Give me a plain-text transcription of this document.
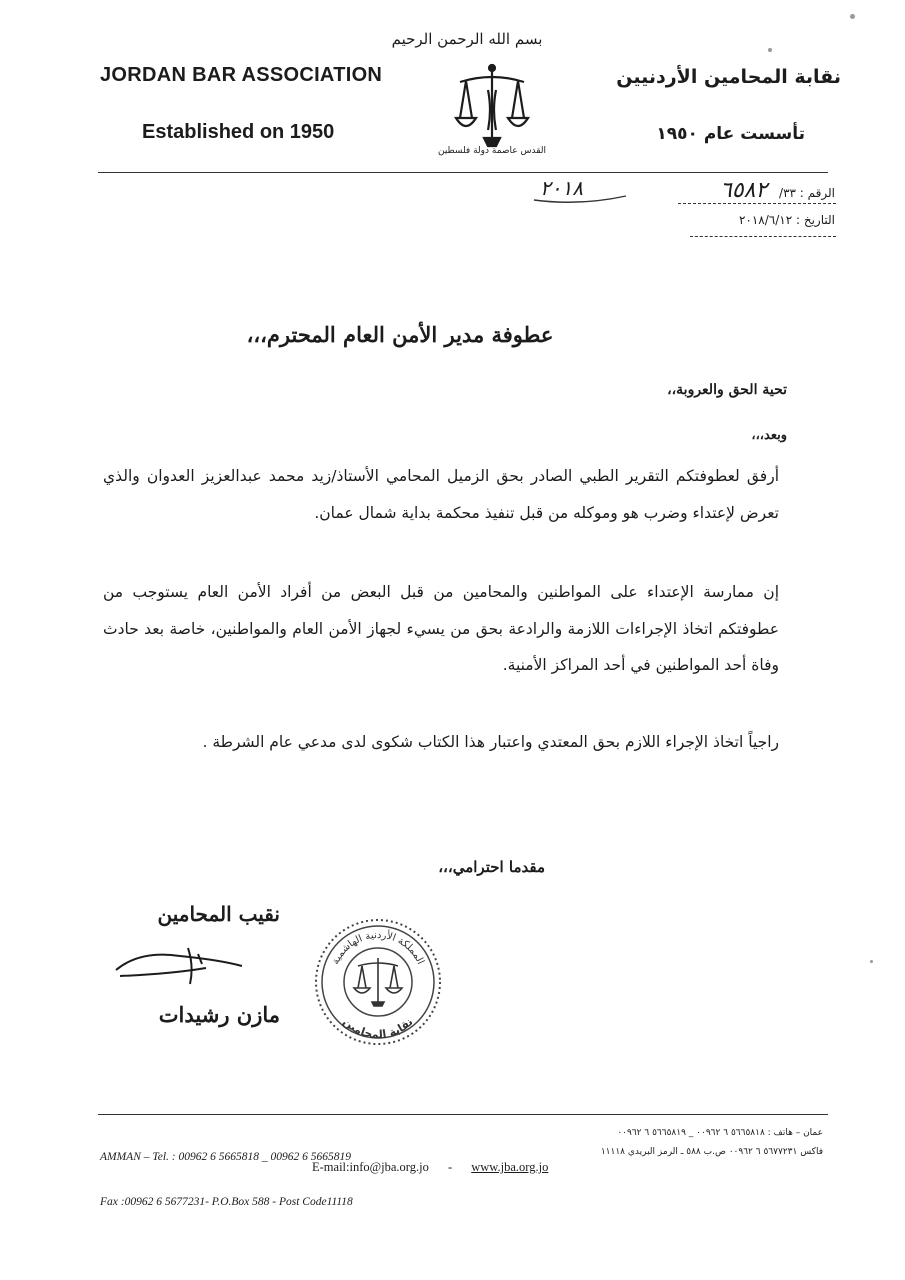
JORDAN BAR ASSOCIATION
Established on 1950
نقابة المحامين الأردنيين
تأسست عام ١٩٥٠
بسم الله الرحمن الرحيم
القدس عاصمة دولة فلسطين
الرقم : ٣٣/ ٦٥٨٢
التاريخ : ٢٠١٨/٦/١٢
٢٠١٨
عطوفة مدير الأمن العام المحترم،،،
تحية الحق والعروبة،،
وبعد،،،
أرفق لعطوفتكم التقرير الطبي الصادر بحق الزميل المحامي الأستاذ/زيد محمد عبدالعزيز العدوان والذي تعرض لإعتداء وضرب هو وموكله من قبل تنفيذ محكمة بداية شمال عمان.
إن ممارسة الإعتداء على المواطنين والمحامين من قبل البعض من أفراد الأمن العام يستوجب من عطوفتكم اتخاذ الإجراءات اللازمة والرادعة بحق من يسيء لجهاز الأمن العام والمواطنين، خاصة بعد حادث وفاة أحد المواطنين في أحد المراكز الأمنية.
راجياً اتخاذ الإجراء اللازم بحق المعتدي واعتبار هذا الكتاب شكوى لدى مدعي عام الشرطة .
مقدما احترامي،،،
نقيب المحامين
مازن رشيدات
المملكة الأردنية الهاشمية
نقابة المحامين

AMMAN – Tel. : 00962 6 5665818 _ 00962 6 5665819

Fax :00962 6 5677231- P.O.Box 588 - Post Code11118

عمان – هاتف : ٥٦٦٥٨١٨ ٦ ٠٠٩٦٢ _ ٥٦٦٥٨١٩ ٦ ٠٠٩٦٢
فاكس ٥٦٧٧٢٣١ ٦ ٠٠٩٦٢ ص.ب ٥٨٨ ـ الرمز البريدي ١١١١٨
E-mail:info@jba.org.jo - www.jba.org.jo
